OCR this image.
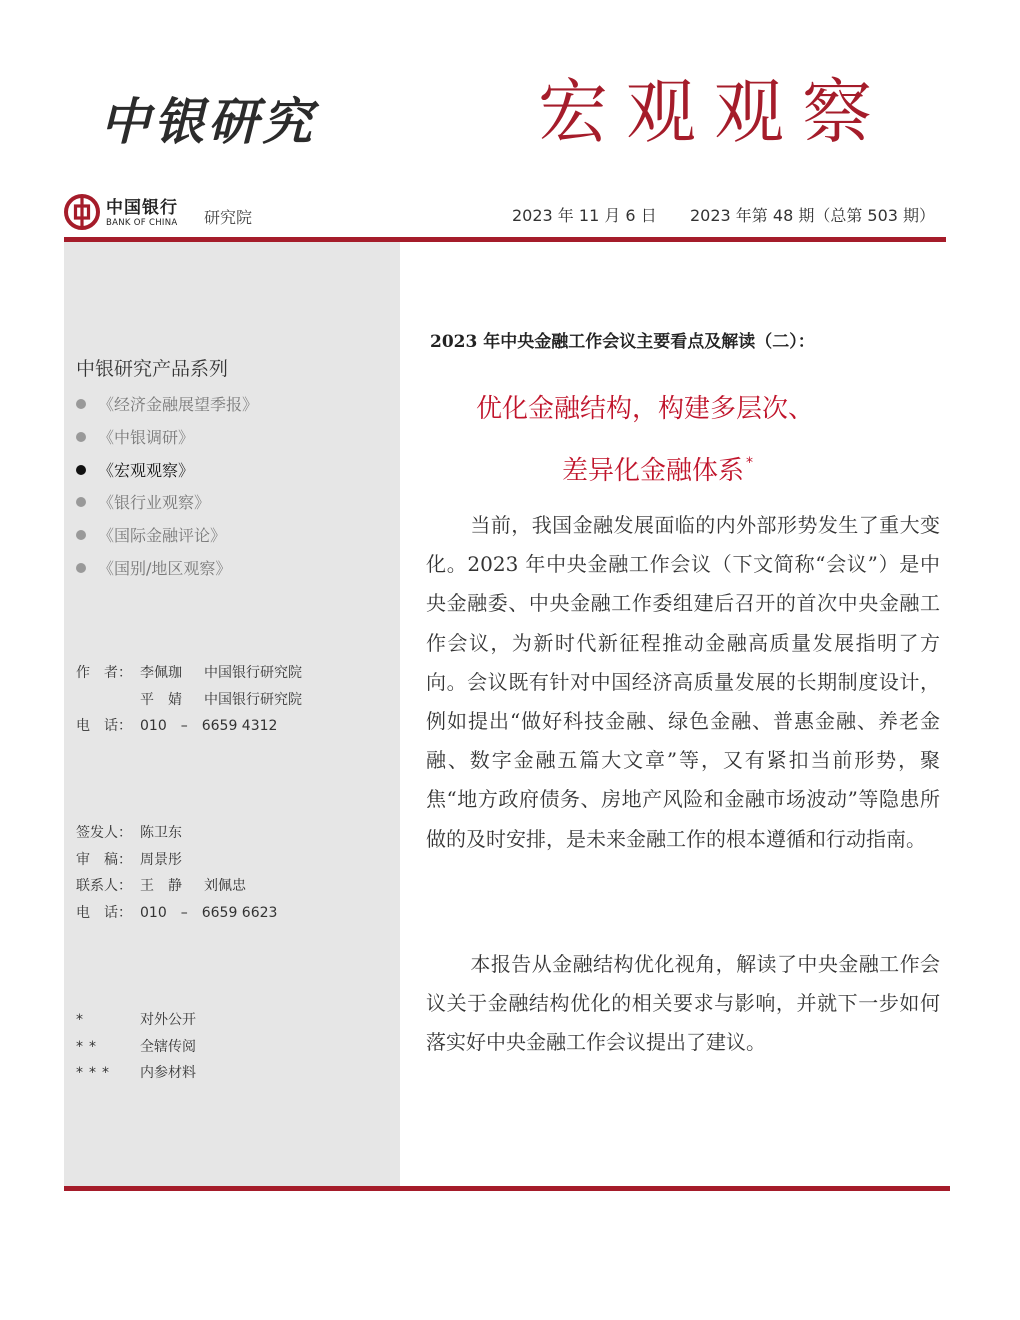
中银研究	宏观观察
中国银行
BANK OF CHINA 研究院	2023 年 11 月 6 日 2023 年第 48 期（总第 503 期）
中银研究产品系列
《经济金融展望季报》
《中银调研》
《宏观观察》
《银行业观察》
《国际金融评论》
《国别/地区观察》
作　者： 李佩珈	中国银行研究院
平　婧	中国银行研究院
电　话： 010　–　6659 4312
签发人： 陈卫东
审　稿： 周景彤
联系人： 王　静	刘佩忠
电　话： 010　–　6659 6623
*	对外公开
**	全辖传阅
***	内参材料
2023 年中央金融工作会议主要看点及解读（二）：
优化金融结构，构建多层次、
差异化金融体系 *

当前，我国金融发展面临的内外部形势发生了重大变化。2023 年中央金融工作会议（下文简称“会议”）是中央金融委、中央金融工作委组建后召开的首次中央金融工作会议，为新时代新征程推动金融高质量发展指明了方向。会议既有针对中国经济高质量发展的长期制度设计，例如提出“做好科技金融、绿色金融、普惠金融、养老金融、数字金融五篇大文章”等，又有紧扣当前形势，聚焦“地方政府债务、房地产风险和金融市场波动”等隐患所做的及时安排，是未来金融工作的根本遵循和行动指南。

本报告从金融结构优化视角，解读了中央金融工作会议关于金融结构优化的相关要求与影响，并就下一步如何落实好中央金融工作会议提出了建议。
